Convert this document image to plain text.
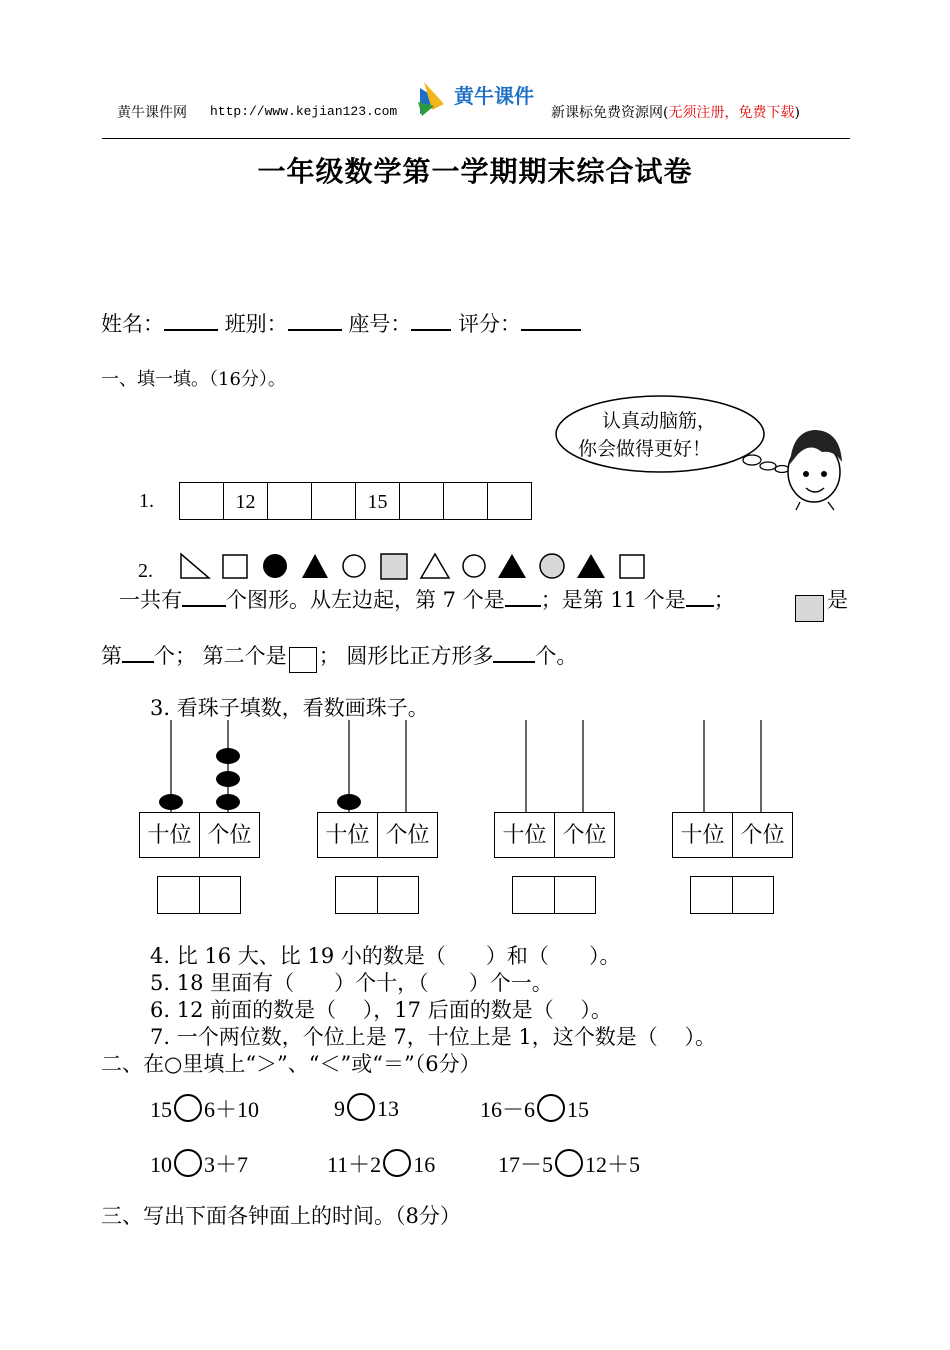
黄牛课件网 http://www.kejian123.com
黄牛课件
新课标免费资源网(无须注册，免费下载)
一年级数学第一学期期末综合试卷
姓名：	班别：	座号： 评分：
一、填一填。（16分）。
认真动脑筋，
你会做得更好！
1.	12	15
2.
一共有 个图形。从左边起，第 7 个是 ；是第 11 个是 ；	是
第 个； 第二个是 ； 圆形比正方形多 个。
3. 看珠子填数，看数画珠子。
十位 个位	十位 个位	十位 个位	十位 个位
4. 比 16 大、比 19 小的数是（      ）和（      ）。
5. 18 里面有（      ）个十，（      ）个一。
6. 12 前面的数是（    ），17 后面的数是（    ）。
7. 一个两位数，个位上是 7，十位上是 1，这个数是（    ）。
二、在○里填上“＞”、“＜”或“＝”（6分）
15 6＋10	9 13	16－6 15
10 3＋7	11＋2 16	17－5 12＋5
三、写出下面各钟面上的时间。（8分）
